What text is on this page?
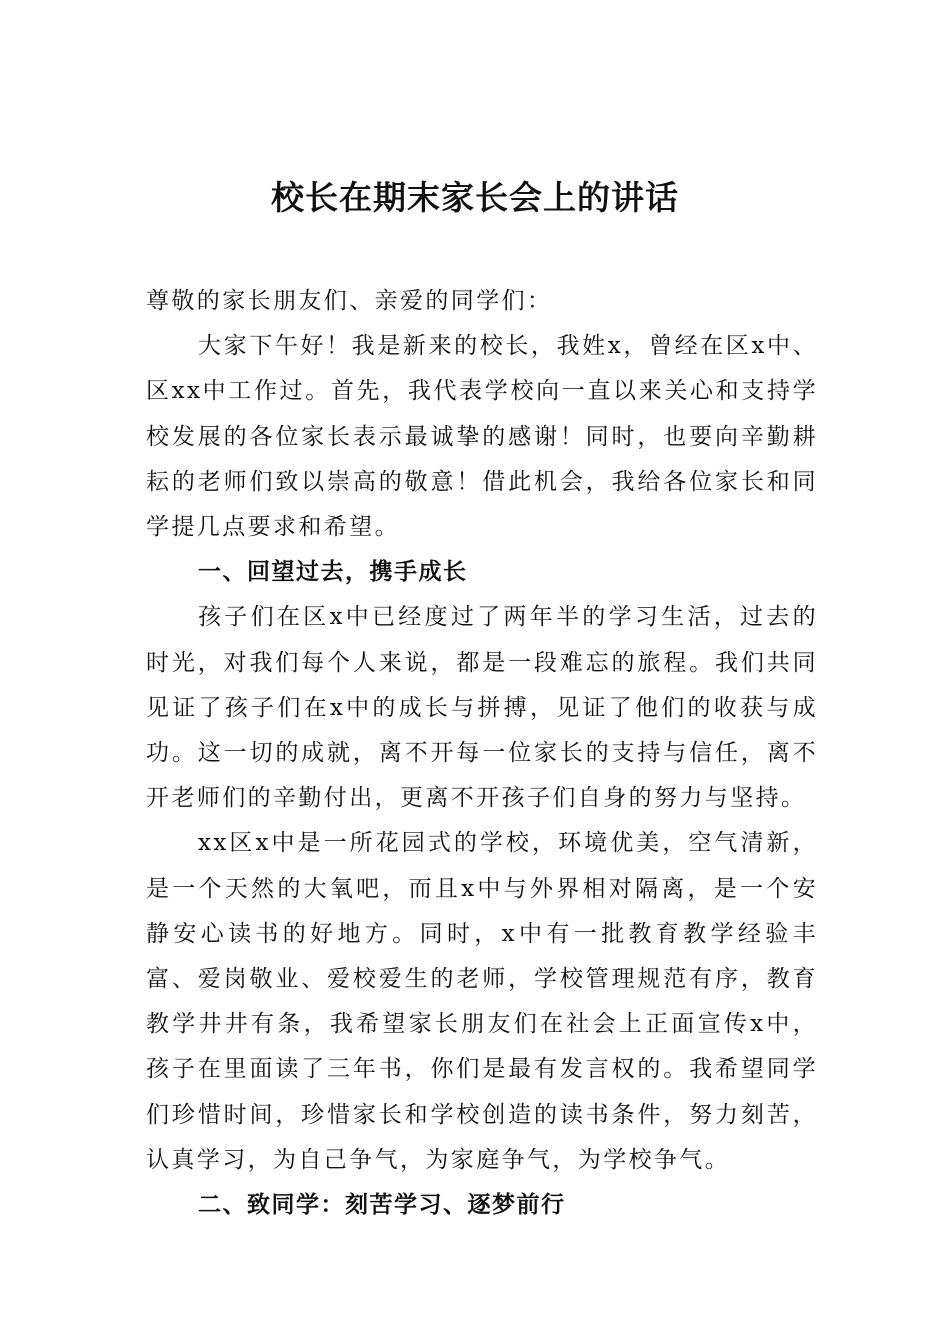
校长在期末家长会上的讲话

尊敬的家长朋友们、亲爱的同学们：

大家下午好！我是新来的校长，我姓x，曾经在区x中、区xx中工作过。首先，我代表学校向一直以来关心和支持学校发展的各位家长表示最诚挚的感谢！同时，也要向辛勤耕耘的老师们致以崇高的敬意！借此机会，我给各位家长和同学提几点要求和希望。

一、回望过去，携手成长

孩子们在区x中已经度过了两年半的学习生活，过去的时光，对我们每个人来说，都是一段难忘的旅程。我们共同见证了孩子们在x中的成长与拼搏，见证了他们的收获与成功。这一切的成就，离不开每一位家长的支持与信任，离不开老师们的辛勤付出，更离不开孩子们自身的努力与坚持。

xx区x中是一所花园式的学校，环境优美，空气清新，是一个天然的大氧吧，而且x中与外界相对隔离，是一个安静安心读书的好地方。同时，x中有一批教育教学经验丰富、爱岗敬业、爱校爱生的老师，学校管理规范有序，教育教学井井有条，我希望家长朋友们在社会上正面宣传x中，孩子在里面读了三年书，你们是最有发言权的。我希望同学们珍惜时间，珍惜家长和学校创造的读书条件，努力刻苦，认真学习，为自己争气，为家庭争气，为学校争气。

二、致同学：刻苦学习、逐梦前行
